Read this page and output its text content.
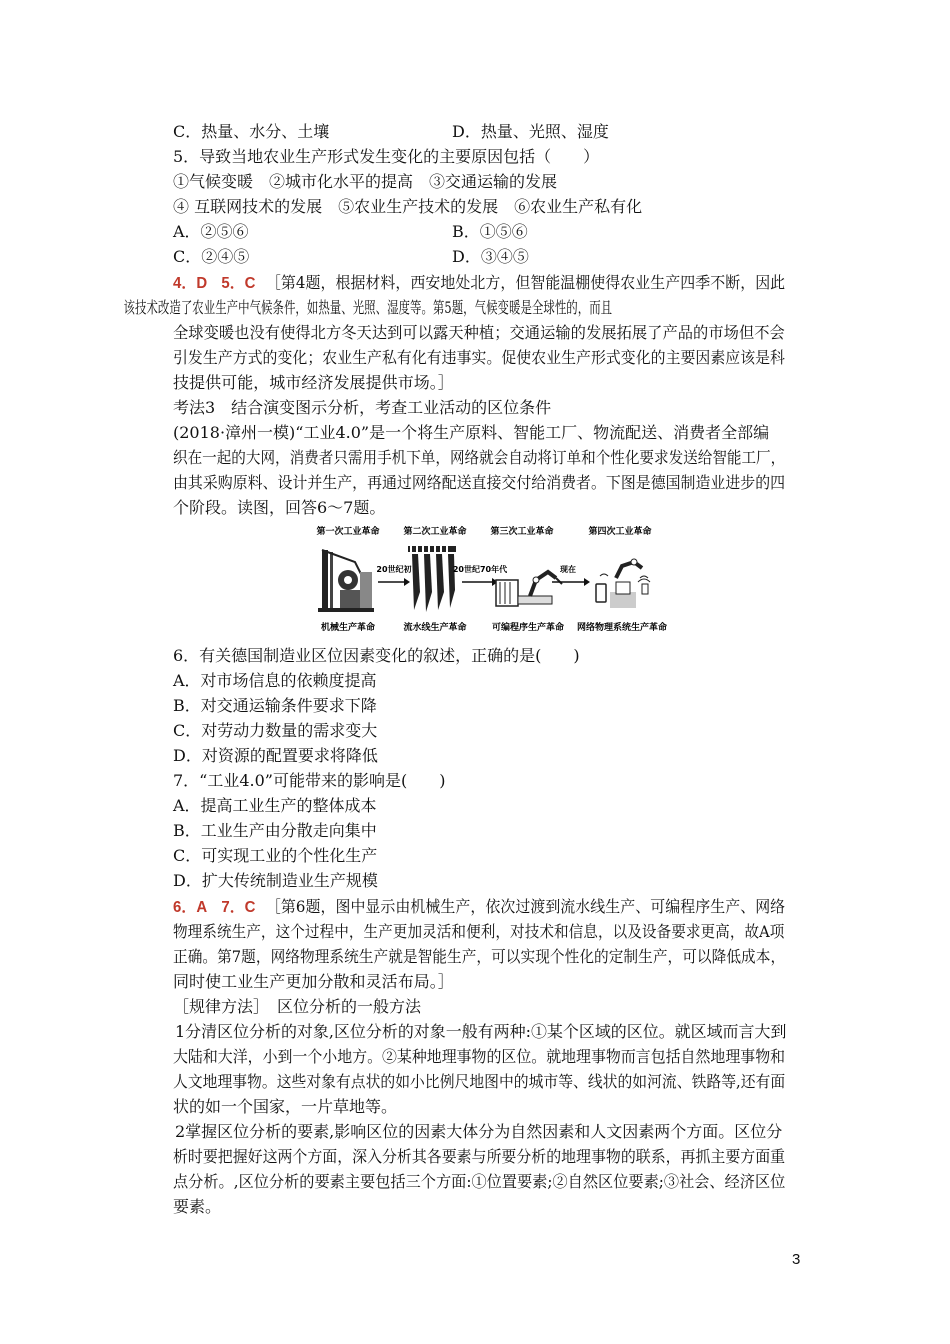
C．热量、水分、土壤	D．热量、光照、湿度
5．导致当地农业生产形式发生变化的主要原因包括（　　）
①气候变暖　②城市化水平的提高　③交通运输的发展
④ 互联网技术的发展　⑤农业生产技术的发展　⑥农业生产私有化
A．②⑤⑥	B．①⑤⑥
C．②④⑤	D．③④⑤
4．D 5．C ［第4题，根据材料，西安地处北方，但智能温棚使得农业生产四季不断，因此
该技术改造了农业生产中气候条件，如热量、光照、湿度等。第5题，气候变暖是全球性的，而且
全球变暖也没有使得北方冬天达到可以露天种植；交通运输的发展拓展了产品的市场但不会
引发生产方式的变化；农业生产私有化有违事实。促使农业生产形式变化的主要因素应该是科
技提供可能，城市经济发展提供市场。］
考法3　结合演变图示分析，考查工业活动的区位条件
(2018·漳州一模)“工业4.0”是一个将生产原料、智能工厂、物流配送、消费者全部编
织在一起的大网，消费者只需用手机下单，网络就会自动将订单和个性化要求发送给智能工厂，
由其采购原料、设计并生产，再通过网络配送直接交付给消费者。下图是德国制造业进步的四
个阶段。读图，回答6～7题。
第一次工业革命	第二次工业革命	第三次工业革命	第四次工业革命
20世纪初	20世纪70年代	现在
机械生产革命	流水线生产革命	可编程序生产革命 网络物理系统生产革命
6．有关德国制造业区位因素变化的叙述，正确的是(　　)
A．对市场信息的依赖度提高
B．对交通运输条件要求下降
C．对劳动力数量的需求变大
D．对资源的配置要求将降低
7．“工业4.0”可能带来的影响是(　　)
A．提高工业生产的整体成本
B．工业生产由分散走向集中
C．可实现工业的个性化生产
D．扩大传统制造业生产规模
6．A 7．C ［第6题，图中显示由机械生产，依次过渡到流水线生产、可编程序生产、网络
物理系统生产，这个过程中，生产更加灵活和便利，对技术和信息，以及设备要求更高，故A项
正确。第7题，网络物理系统生产就是智能生产，可以实现个性化的定制生产，可以降低成本，
同时使工业生产更加分散和灵活布局。］
［规律方法］　区位分析的一般方法
1分清区位分析的对象,区位分析的对象一般有两种:①某个区域的区位。就区域而言大到
大陆和大洋，小到一个小地方。②某种地理事物的区位。就地理事物而言包括自然地理事物和
人文地理事物。这些对象有点状的如小比例尺地图中的城市等、线状的如河流、铁路等,还有面
状的如一个国家，一片草地等。
2掌握区位分析的要素,影响区位的因素大体分为自然因素和人文因素两个方面。区位分
析时要把握好这两个方面，深入分析其各要素与所要分析的地理事物的联系，再抓主要方面重
点分析。,区位分析的要素主要包括三个方面:①位置要素;②自然区位要素;③社会、经济区位
要素。
3
